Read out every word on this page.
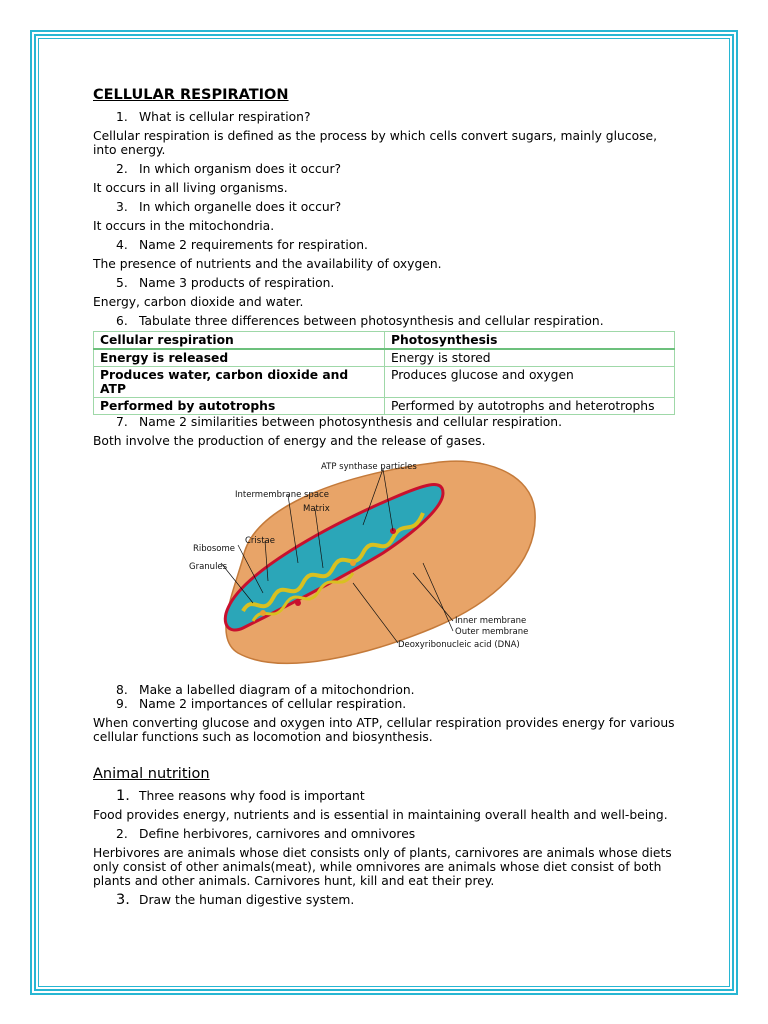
CELLULAR RESPIRATION
1. What is cellular respiration?
Cellular respiration is defined as the process by which cells convert sugars, mainly glucose, into energy.
2. In which organism does it occur?
It occurs in all living organisms.
3. In which organelle does it occur?
It occurs in the mitochondria.
4. Name 2 requirements for respiration.
The presence of nutrients and the availability of oxygen.
5. Name 3 products of respiration.
Energy, carbon dioxide and water.
6. Tabulate three differences between photosynthesis and cellular respiration.
Cellular respiration	Photosynthesis
Energy is released	Energy is stored
Produces water, carbon dioxide and ATP	Produces glucose and oxygen
Performed by autotrophs	Performed by autotrophs and heterotrophs
7. Name 2 similarities between photosynthesis and cellular respiration.
Both involve the production of energy and the release of gases.
ATP synthase particles
Intermembrane space
Matrix
Ribosome
Cristae
Granules
Inner membrane
Outer membrane
Deoxyribonucleic acid (DNA)
8. Make a labelled diagram of a mitochondrion.
9. Name 2 importances of cellular respiration.
When converting glucose and oxygen into ATP, cellular respiration provides energy for various cellular functions such as locomotion and biosynthesis.
Animal nutrition
1. Three reasons why food is important
Food provides energy, nutrients and is essential in maintaining overall health and well-being.
2. Define herbivores, carnivores and omnivores
Herbivores are animals whose diet consists only of plants, carnivores are animals whose diets only consist of other animals(meat), while omnivores are animals whose diet consist of both plants and other animals. Carnivores hunt, kill and eat their prey.
3. Draw the human digestive system.
